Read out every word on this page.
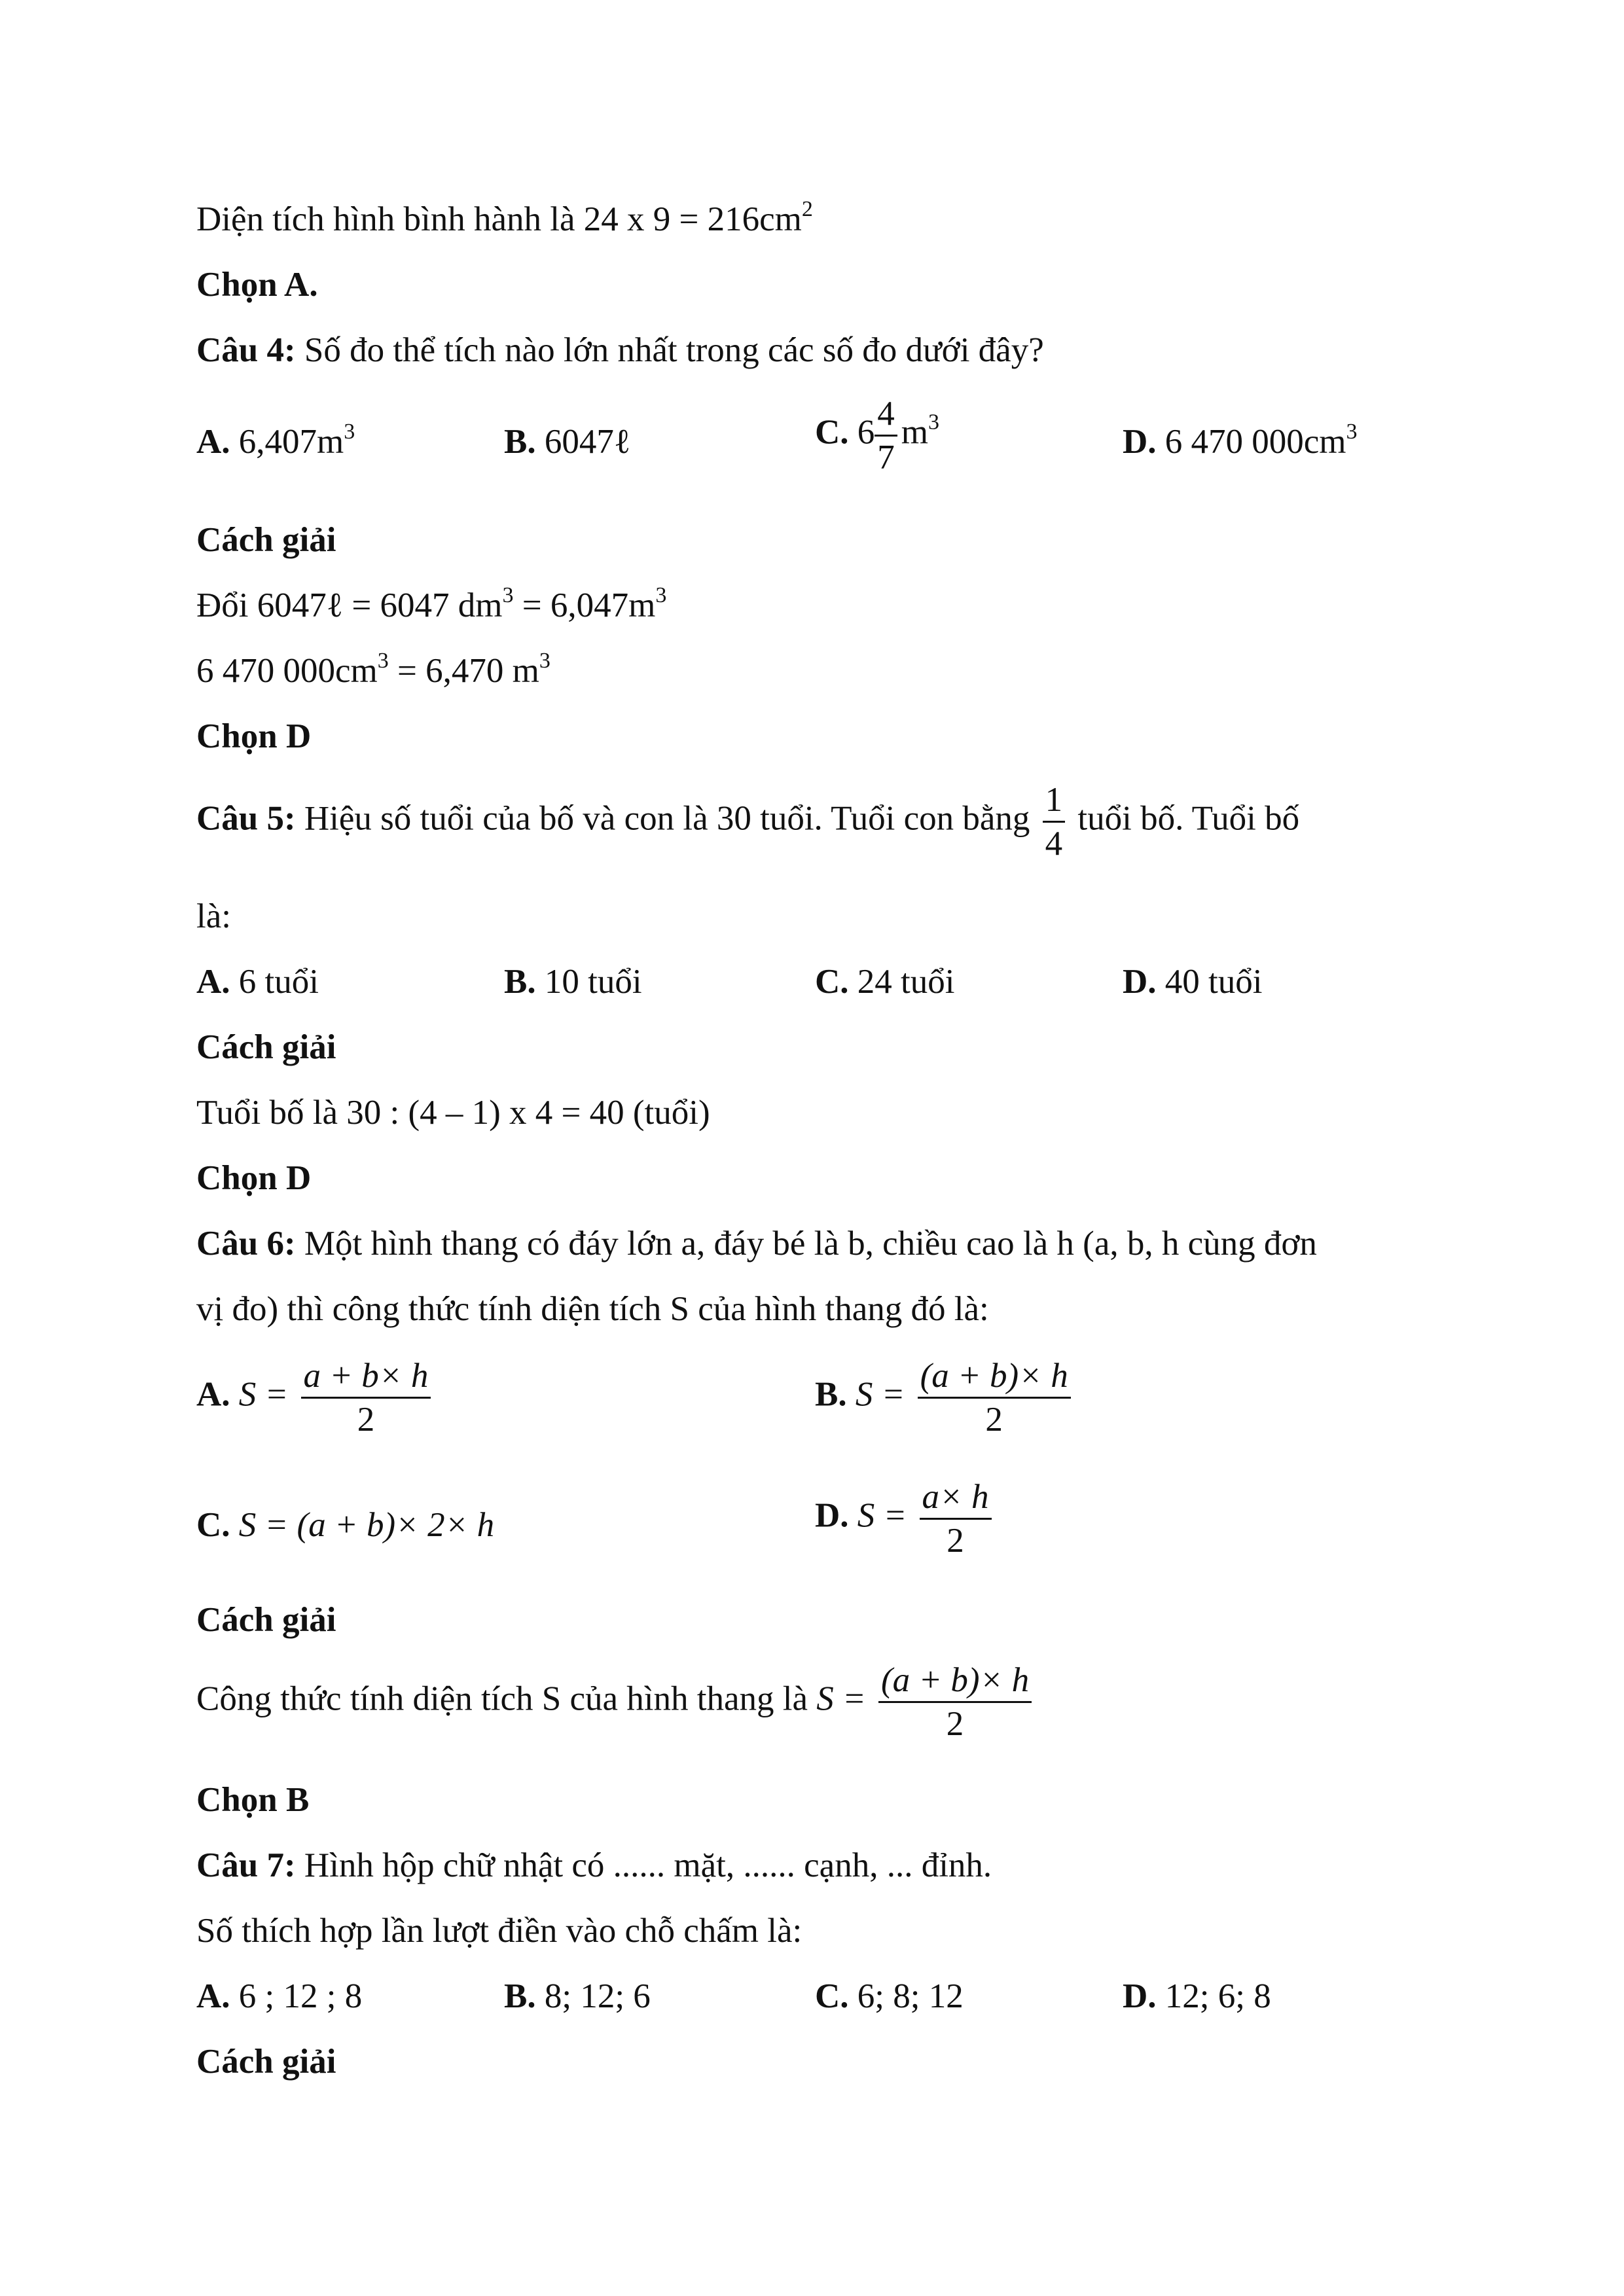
Diện tích hình bình hành là 24 x $9 = 216cm^2$
Chọn A.
Câu 4: Số đo thể tích nào lớn nhất trong các số đo dưới đây?
A. $6,407m^3$	B. 6047ℓ	C. $6 \frac{4}{7} m^3$
D. 6 470 $000cm^3$
Cách giải
Đổi 6047ℓ = 6047 $dm^3 = 6,047m^3$
6 470 $000cm^3 = 6,470$ $m^3$
Chọn D
Câu 5: Hiệu số tuổi của bố và con là 30 tuổi. Tuổi con bằng $\frac{1}{4}$ tuổi bố. Tuổi bố
là:
A. 6 tuổi	B. 10 tuổi	C. 24 tuổi	D. 40 tuổi
Cách giải
Tuổi bố là 30 : (4 – 1) x 4 = 40 (tuổi)
Chọn D
Câu 6: Một hình thang có đáy lớn a, đáy bé là b, chiều cao là h (a, b, h cùng đơn
vị đo) thì công thức tính diện tích S của hình thang đó là:
A. $S = \frac{a + b\times h}{2}$	B. $S = \frac{(a + b)\times h}{2}$
C. S = (a + b)× 2× h	D. $S = \frac{a\times h}{2}$
Cách giải
Công thức tính diện tích S của hình thang là $S = \frac{(a + b)\times h}{2}$
Chọn B
Câu 7: Hình hộp chữ nhật có ...... mặt, ...... cạnh, ... đỉnh.
Số thích hợp lần lượt điền vào chỗ chấm là:
A. 6 ; 12 ; 8	B. 8; 12; 6	C. 6; 8; 12	D. 12; 6; 8
Cách giải
